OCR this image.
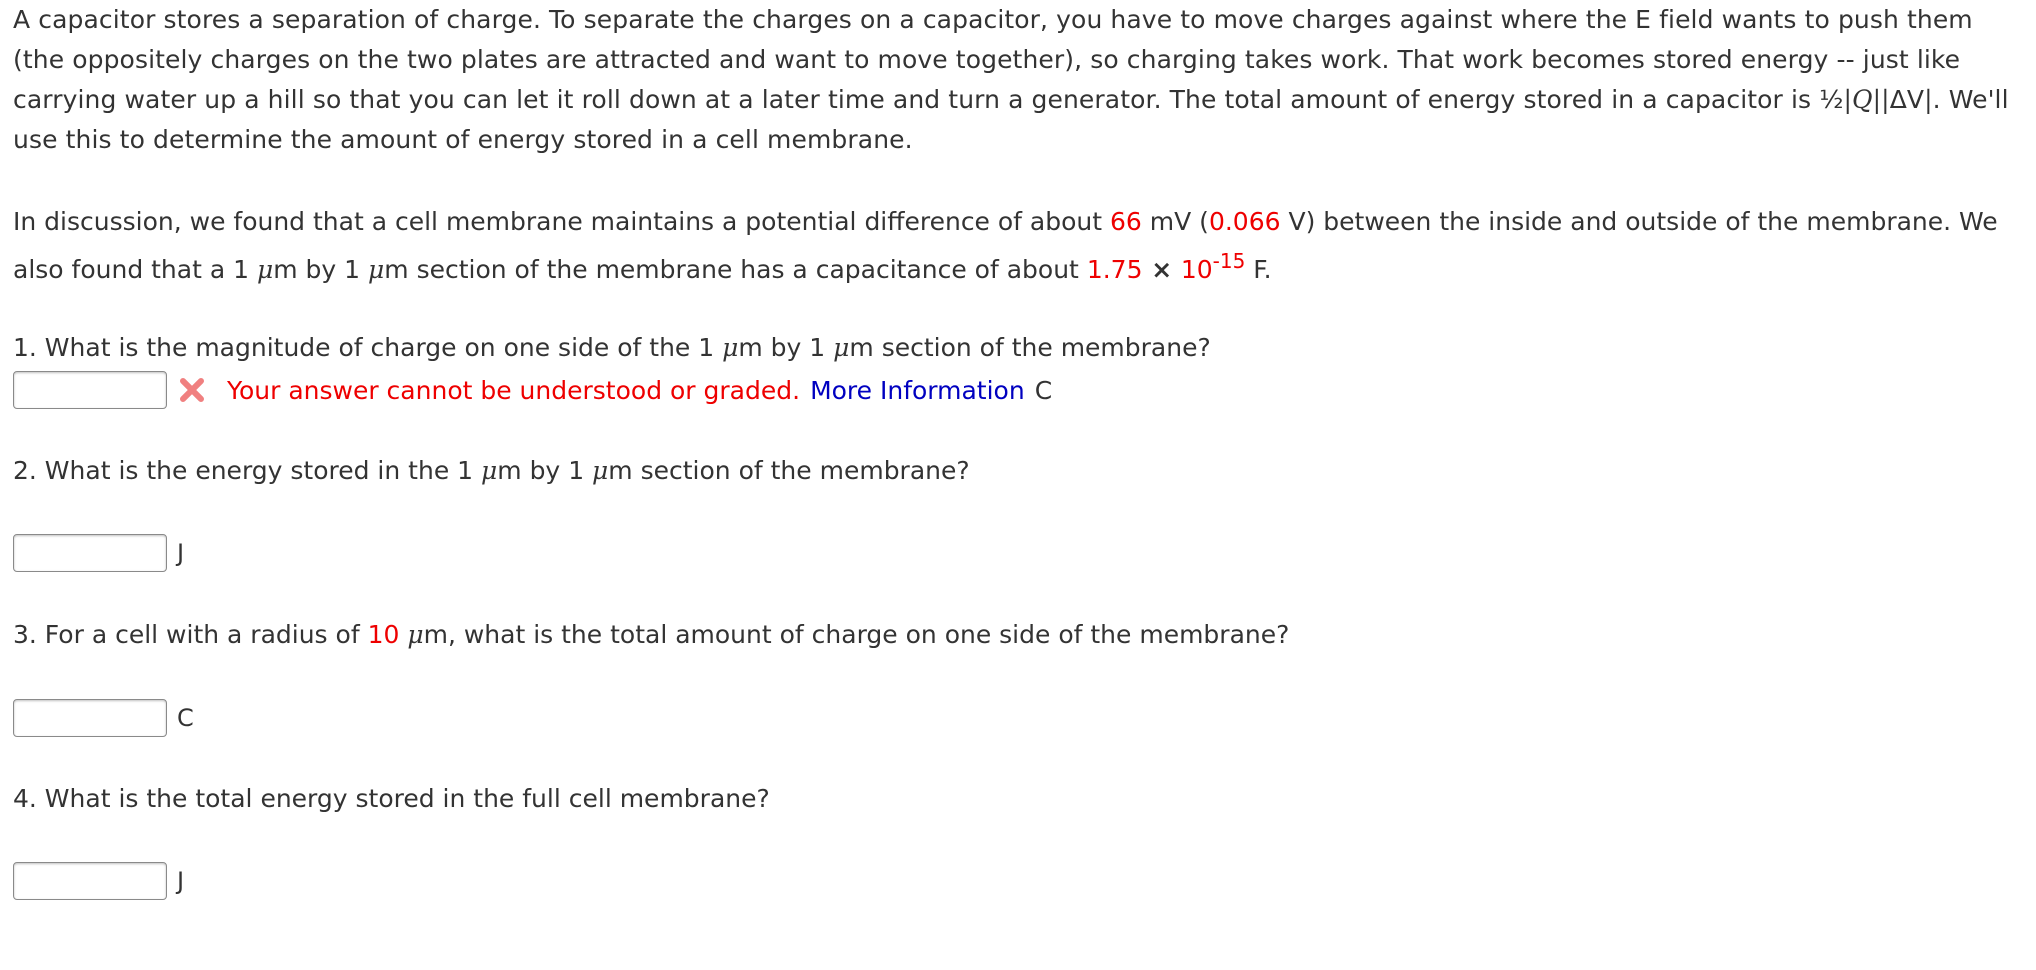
A capacitor stores a separation of charge. To separate the charges on a capacitor, you have to move charges against where the E field wants to push them (the oppositely charges on the two plates are attracted and want to move together), so charging takes work. That work becomes stored energy -- just like carrying water up a hill so that you can let it roll down at a later time and turn a generator. The total amount of energy stored in a capacitor is ½|Q||ΔV|. We'll use this to determine the amount of energy stored in a cell membrane.
In discussion, we found that a cell membrane maintains a potential difference of about 66 mV (0.066 V) between the inside and outside of the membrane. We also found that a 1 μm by 1 μm section of the membrane has a capacitance of about $1.75 \times 10^{-15}$ F.
1. What is the magnitude of charge on one side of the 1 μm by 1 μm section of the membrane?
Your answer cannot be understood or graded. More Information C
2. What is the energy stored in the 1 μm by 1 μm section of the membrane?
J
3. For a cell with a radius of 10 μm, what is the total amount of charge on one side of the membrane?
C
4. What is the total energy stored in the full cell membrane?
J
